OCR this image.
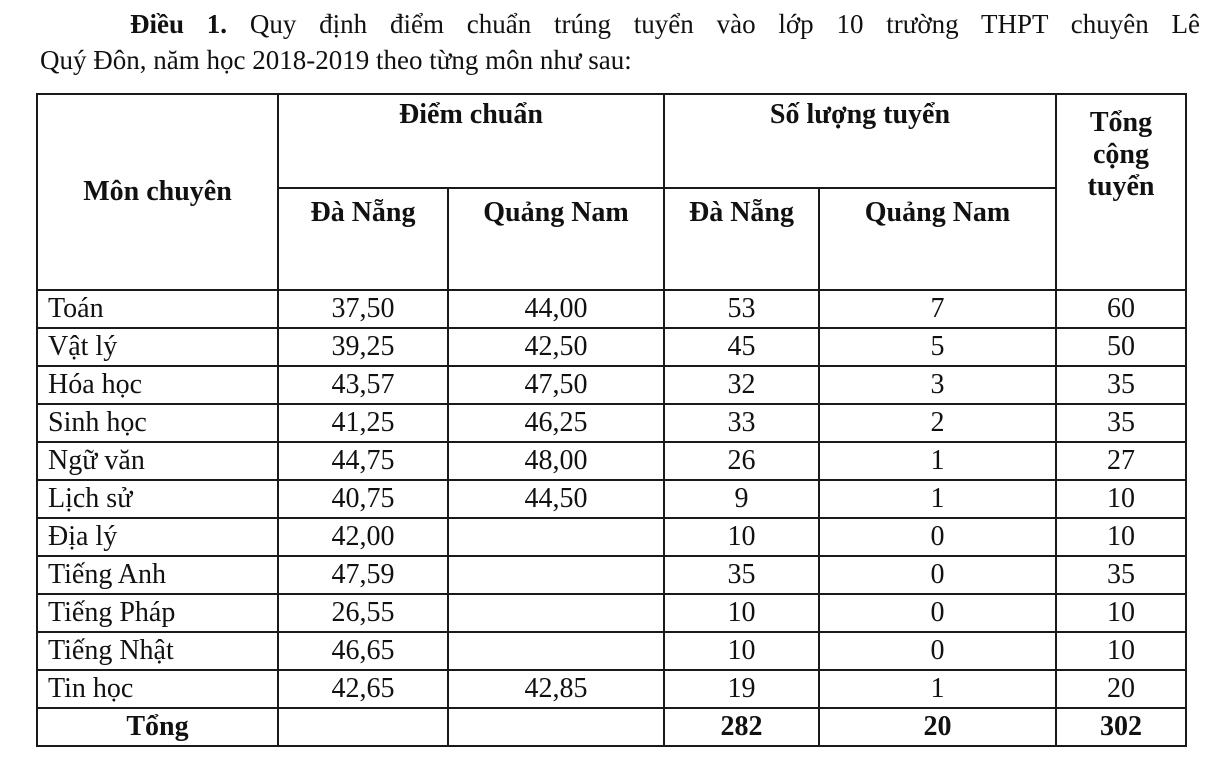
Điều 1. Quy định điểm chuẩn trúng tuyển vào lớp 10 trường THPT chuyên Lê
Quý Đôn, năm học 2018-2019 theo từng môn như sau:
Môn chuyên	Điểm chuẩn		Số lượng tuyển		Tổng
cộng
tuyển

	Đà Nẵng	Quảng Nam	Đà Nẵng	Quảng Nam	
Toán	37,50	44,00	53	7	60
Vật lý	39,25	42,50	45	5	50
Hóa học	43,57	47,50	32	3	35
Sinh học	41,25	46,25	33	2	35
Ngữ văn	44,75	48,00	26	1	27
Lịch sử	40,75	44,50	9	1	10
Địa lý	42,00		10	0	10
Tiếng Anh	47,59		35	0	35
Tiếng Pháp	26,55		10	0	10
Tiếng Nhật	46,65		10	0	10
Tin học	42,65	42,85	19	1	20
Tổng			282	20	302
